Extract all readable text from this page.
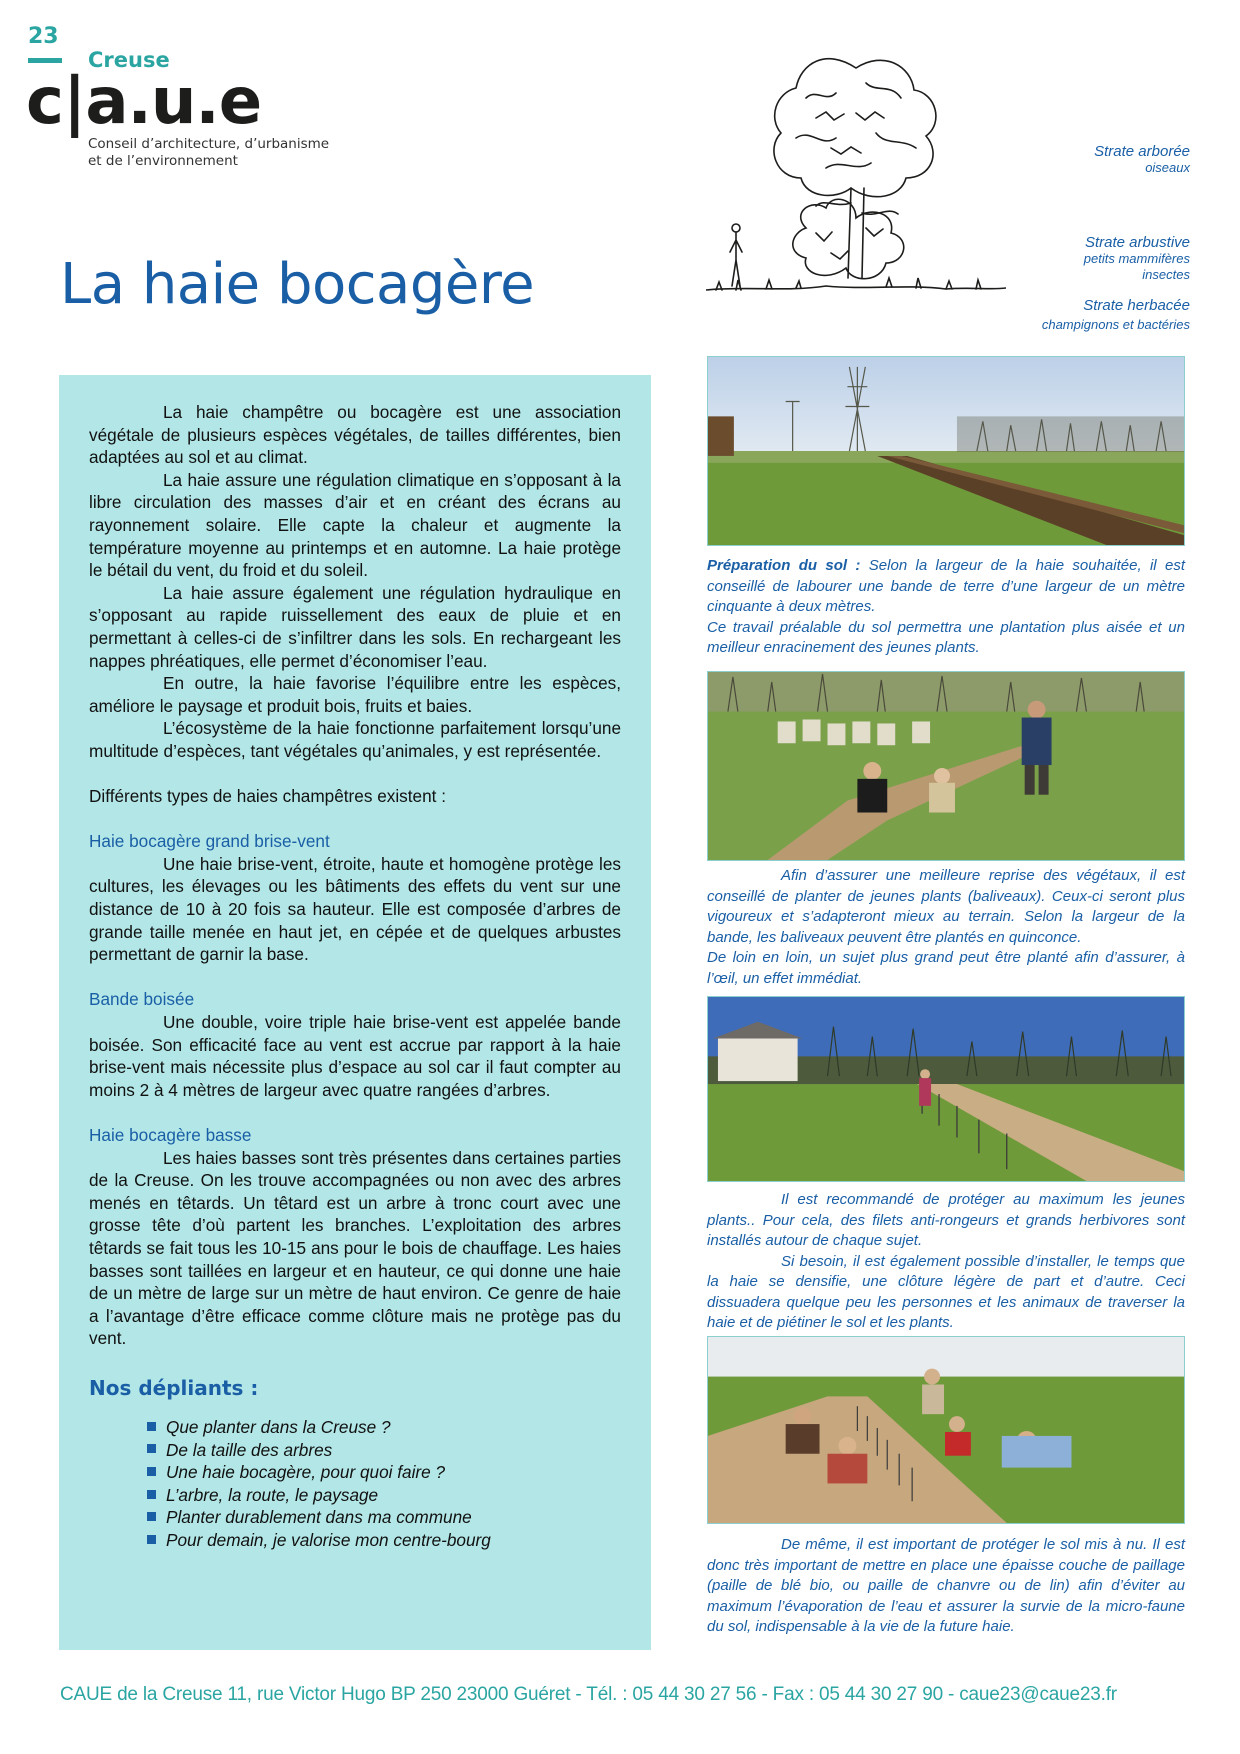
23
Creuse
c|a.u.e
Conseil d’architecture, d’urbanisme
et de l’environnement
La haie bocagère
Strate arborée
oiseaux
Strate arbustive
petits mammifères
insectes
Strate herbacée
champignons et bactéries

La haie champêtre ou bocagère est une association végétale de plusieurs espèces végétales, de tailles différentes, bien adaptées au sol et au climat.

La haie assure une régulation climatique en s’opposant à la libre circulation des masses d’air et en créant des écrans au rayonnement solaire. Elle capte la chaleur et augmente la température moyenne au printemps et en automne. La haie protège le bétail du vent, du froid et du soleil.

La haie assure également une régulation hydraulique en s’opposant au rapide ruissellement des eaux de pluie et en permettant à celles-ci de s’infiltrer dans les sols. En rechargeant les nappes phréatiques, elle permet d’économiser l’eau.

En outre, la haie favorise l’équilibre entre les espèces, améliore le paysage et produit bois, fruits et baies.

L’écosystème de la haie fonctionne parfaitement lorsqu’une multitude d’espèces, tant végétales qu’animales, y est représentée.

Différents types de haies champêtres existent :

Haie bocagère grand brise-vent

Une haie brise-vent, étroite, haute et homogène protège les cultures, les élevages ou les bâtiments des effets du vent sur une distance de 10 à 20 fois sa hauteur. Elle est composée d’arbres de grande taille menée en haut jet, en cépée et de quelques arbustes permettant de garnir la base.

Bande boisée

Une double, voire triple haie brise-vent est appelée bande boisée. Son efficacité face au vent est accrue par rapport à la haie brise-vent mais nécessite plus d’espace au sol car il faut compter au moins 2 à 4 mètres de largeur avec quatre rangées d’arbres.

Haie bocagère basse

Les haies basses sont très présentes dans certaines parties de la Creuse. On les trouve accompagnées ou non avec des arbres menés en têtards. Un têtard est un arbre à tronc court avec une grosse tête d’où partent les branches. L’exploitation des arbres têtards se fait tous les 10-15 ans pour le bois de chauffage. Les haies basses sont taillées en largeur et en hauteur, ce qui donne une haie de un mètre de large sur un mètre de haut environ. Ce genre de haie a l’avantage d’être efficace comme clôture mais ne protège pas du vent.

Nos dépliants :

Que planter dans la Creuse ?
De la taille des arbres
Une haie bocagère, pour quoi faire ?
L’arbre, la route, le paysage
Planter durablement dans ma commune
Pour demain, je valorise mon centre-bourg

Préparation du sol : Selon la largeur de la haie souhaitée, il est conseillé de labourer une bande de terre d’une largeur de un mètre cinquante à deux mètres.
Ce travail préalable du sol permettra une plantation plus aisée et un meilleur enracinement des jeunes plants.

Afin d’assurer une meilleure reprise des végétaux, il est conseillé de planter de jeunes plants (baliveaux). Ceux-ci seront plus vigoureux et s’adapteront mieux au terrain. Selon la largeur de la bande, les baliveaux peuvent être plantés en quinconce.
De loin en loin, un sujet plus grand peut être planté afin d’assurer, à l’œil, un effet immédiat.

Il est recommandé de protéger au maximum les jeunes plants.. Pour cela, des filets anti-rongeurs et grands herbivores sont installés autour de chaque sujet.
Si besoin, il est également possible d’installer, le temps que la haie se densifie, une clôture légère de part et d’autre. Ceci dissuadera quelque peu les personnes et les animaux de traverser la haie et de piétiner le sol et les plants.

De même, il est important de protéger le sol mis à nu. Il est donc très important de mettre en place une épaisse couche de paillage (paille de blé bio, ou paille de chanvre ou de lin) afin d’éviter au maximum l’évaporation de l’eau et assurer la survie de la micro-faune du sol, indispensable à la vie de la future haie.

CAUE de la Creuse 11, rue Victor Hugo BP 250 23000 Guéret - Tél. : 05 44 30 27 56 - Fax : 05 44 30 27 90 - caue23@caue23.fr
